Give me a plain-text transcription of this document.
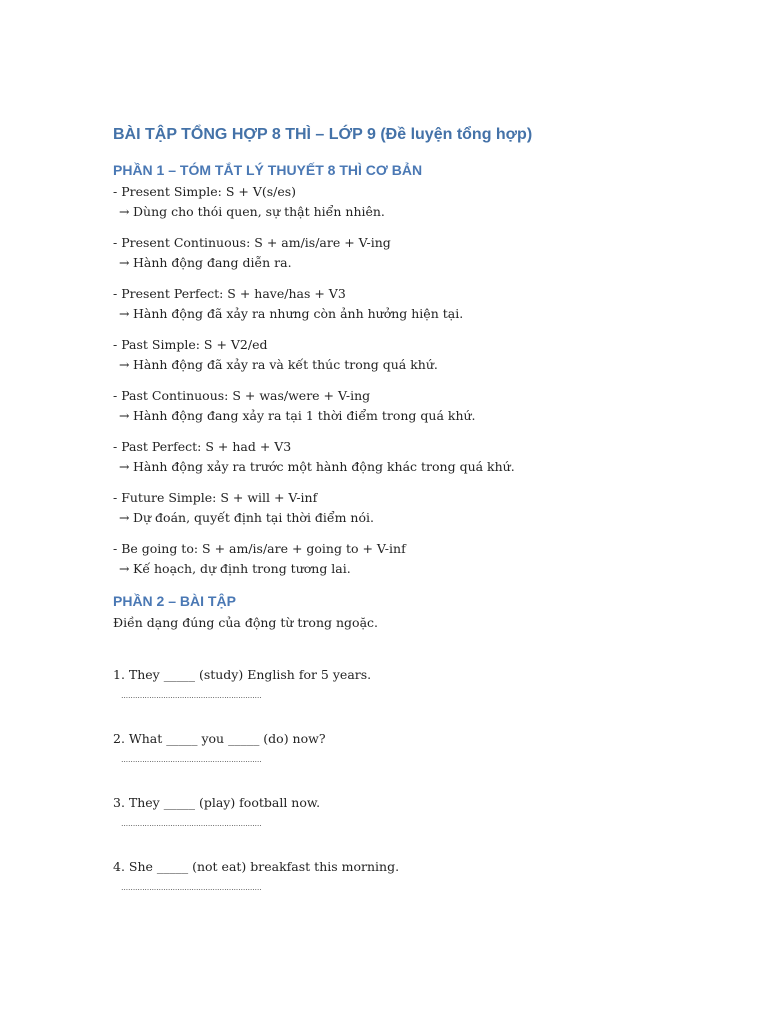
BÀI TẬP TỔNG HỢP 8 THÌ – LỚP 9 (Đề luyện tổng hợp)
PHẦN 1 – TÓM TẮT LÝ THUYẾT 8 THÌ CƠ BẢN
- Present Simple: S + V(s/es)
→ Dùng cho thói quen, sự thật hiển nhiên.
- Present Continuous: S + am/is/are + V-ing
→ Hành động đang diễn ra.
- Present Perfect: S + have/has + V3
→ Hành động đã xảy ra nhưng còn ảnh hưởng hiện tại.
- Past Simple: S + V2/ed
→ Hành động đã xảy ra và kết thúc trong quá khứ.
- Past Continuous: S + was/were + V-ing
→ Hành động đang xảy ra tại 1 thời điểm trong quá khứ.
- Past Perfect: S + had + V3
→ Hành động xảy ra trước một hành động khác trong quá khứ.
- Future Simple: S + will + V-inf
→ Dự đoán, quyết định tại thời điểm nói.
- Be going to: S + am/is/are + going to + V-inf
→ Kế hoạch, dự định trong tương lai.
PHẦN 2 – BÀI TẬP
Điền dạng đúng của động từ trong ngoặc.
1. They _____ (study) English for 5 years.
............................................................
2. What _____ you _____ (do) now?
............................................................
3. They _____ (play) football now.
............................................................
4. She _____ (not eat) breakfast this morning.
............................................................
